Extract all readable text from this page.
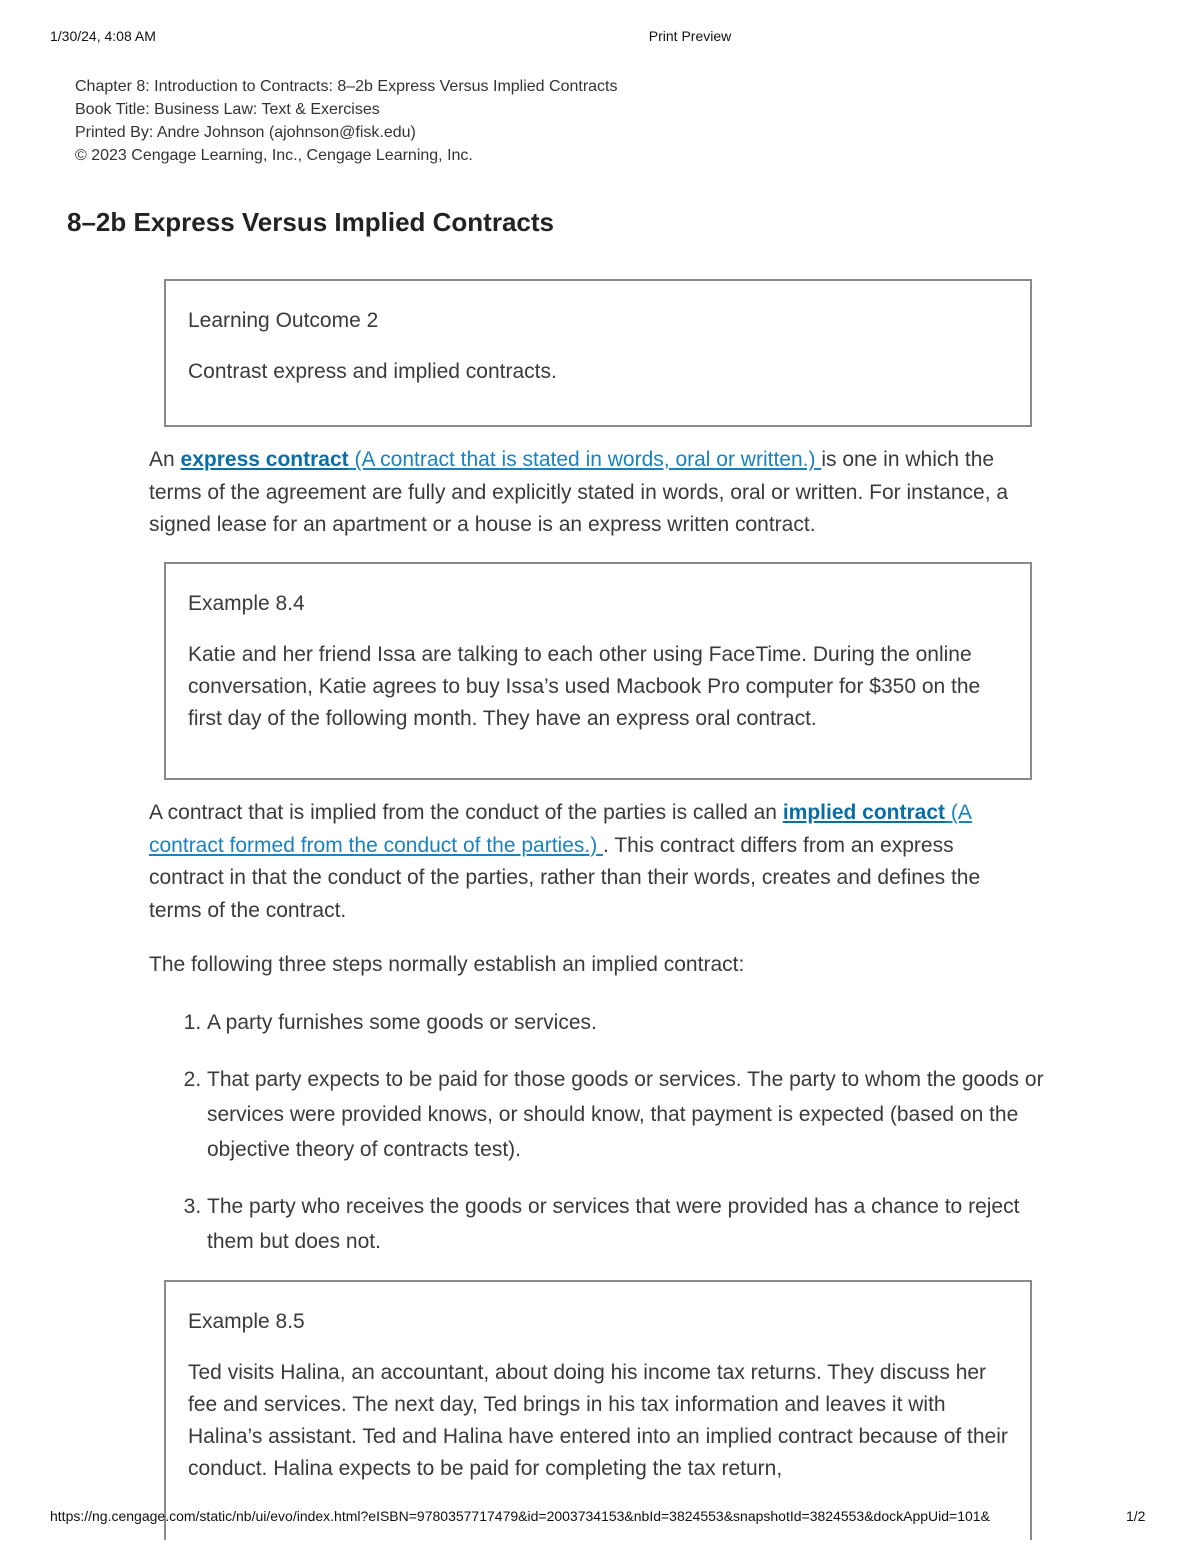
1/30/24, 4:08 AM	Print Preview
Chapter 8: Introduction to Contracts: 8–2b Express Versus Implied Contracts
Book Title: Business Law: Text & Exercises
Printed By: Andre Johnson (ajohnson@fisk.edu)
© 2023 Cengage Learning, Inc., Cengage Learning, Inc.
8–2b Express Versus Implied Contracts

Learning Outcome 2

Contrast express and implied contracts.

An express contract (A contract that is stated in words, oral or written.) is one in which the terms of the agreement are fully and explicitly stated in words, oral or written. For instance, a signed lease for an apartment or a house is an express written contract.

Example 8.4

Katie and her friend Issa are talking to each other using FaceTime. During the online conversation, Katie agrees to buy Issa’s used Macbook Pro computer for $350 on the first day of the following month. They have an express oral contract.

A contract that is implied from the conduct of the parties is called an implied contract (A contract formed from the conduct of the parties.) . This contract differs from an express contract in that the conduct of the parties, rather than their words, creates and defines the terms of the contract.

The following three steps normally establish an implied contract:

1. A party furnishes some goods or services.
2. That party expects to be paid for those goods or services. The party to whom the goods or services were provided knows, or should know, that payment is expected (based on the objective theory of contracts test).
3. The party who receives the goods or services that were provided has a chance to reject them but does not.

Example 8.5

Ted visits Halina, an accountant, about doing his income tax returns. They discuss her fee and services. The next day, Ted brings in his tax information and leaves it with Halina’s assistant. Ted and Halina have entered into an implied contract because of their conduct. Halina expects to be paid for completing the tax return,

https://ng.cengage.com/static/nb/ui/evo/index.html?eISBN=9780357717479&id=2003734153&nbId=3824553&snapshotId=3824553&dockAppUid=101&	1/2
